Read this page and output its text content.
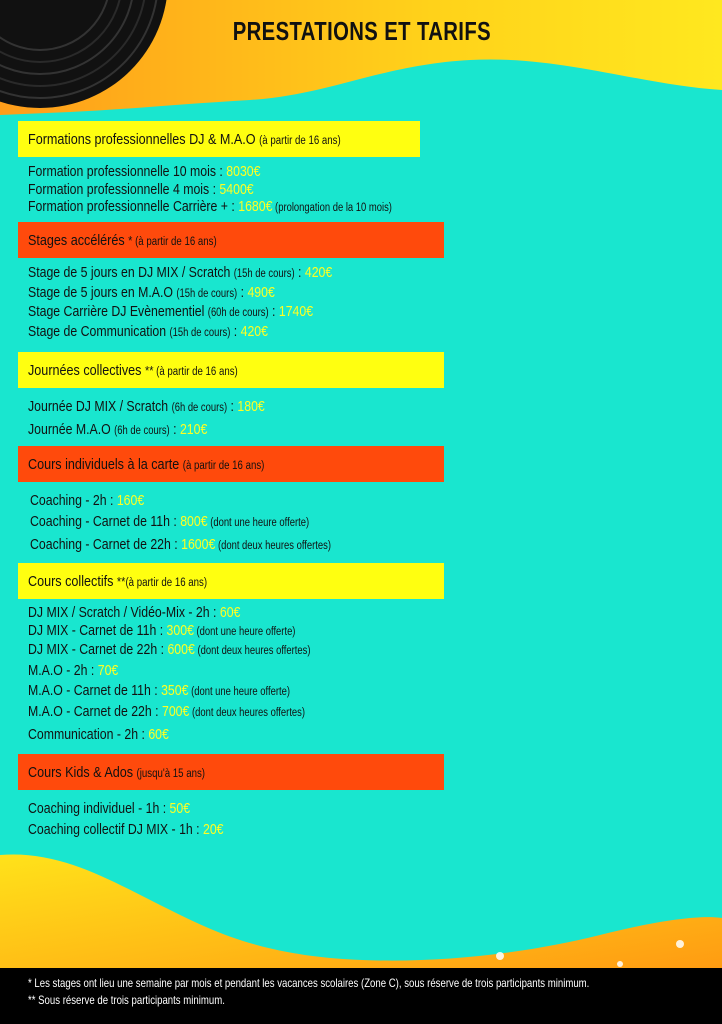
PRESTATIONS ET TARIFS
Formations professionnelles DJ & M.A.O (à partir de 16 ans)
Formation professionnelle 10 mois : 8030€
Formation professionnelle 4 mois : 5400€
Formation professionnelle Carrière + : 1680€ (prolongation de la 10 mois)
Stages accélérés * (à partir de 16 ans)
Stage de 5 jours en DJ MIX / Scratch (15h de cours) : 420€
Stage de 5 jours en M.A.O (15h de cours) : 490€
Stage Carrière DJ Evènementiel (60h de cours) : 1740€
Stage de Communication (15h de cours) : 420€
Journées collectives ** (à partir de 16 ans)
Journée DJ MIX / Scratch (6h de cours) : 180€
Journée M.A.O (6h de cours) : 210€
Cours individuels à la carte (à partir de 16 ans)
Coaching - 2h : 160€
Coaching - Carnet de 11h : 800€ (dont une heure offerte)
Coaching - Carnet de 22h : 1600€ (dont deux heures offertes)
Cours collectifs **(à partir de 16 ans)
DJ MIX / Scratch / Vidéo-Mix - 2h : 60€
DJ MIX - Carnet de 11h : 300€ (dont une heure offerte)
DJ MIX - Carnet de 22h : 600€ (dont deux heures offertes)
M.A.O - 2h : 70€
M.A.O - Carnet de 11h : 350€ (dont une heure offerte)
M.A.O - Carnet de 22h : 700€ (dont deux heures offertes)
Communication - 2h : 60€
Cours Kids & Ados (jusqu'à 15 ans)
Coaching individuel - 1h : 50€
Coaching collectif DJ MIX - 1h : 20€
* Les stages ont lieu une semaine par mois et pendant les vacances scolaires (Zone C), sous réserve de trois participants minimum.
** Sous réserve de trois participants minimum.
